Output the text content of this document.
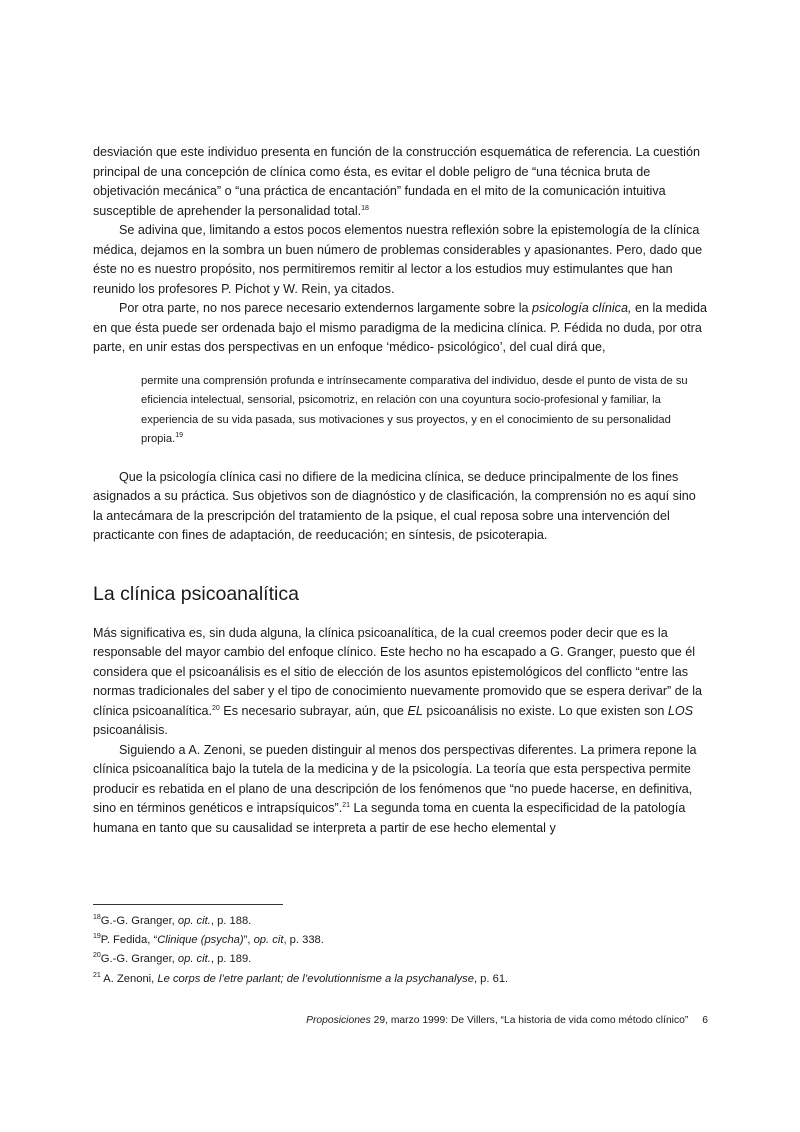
desviación que este individuo presenta en función de la construcción esquemática de referencia. La cuestión principal de una concepción de clínica como ésta, es evitar el doble peligro de “una técnica bruta de objetivación mecánica” o “una práctica de encantación” fundada en el mito de la comunicación intuitiva susceptible de aprehender la personalidad total.$^{18}$

Se adivina que, limitando a estos pocos elementos nuestra reflexión sobre la epistemología de la clínica médica, dejamos en la sombra un buen número de problemas considerables y apasionantes. Pero, dado que éste no es nuestro propósito, nos permitiremos remitir al lector a los estudios muy estimulantes que han reunido los profesores P. Pichot y W. Rein, ya citados.

Por otra parte, no nos parece necesario extendernos largamente sobre la psicología clínica, en la medida en que ésta puede ser ordenada bajo el mismo paradigma de la medicina clínica. P. Fédida no duda, por otra parte, en unir estas dos perspectivas en un enfoque ‘médico- psicológico’, del cual dirá que,

permite una comprensión profunda e intrínsecamente comparativa del individuo, desde el punto de vista de su eficiencia intelectual, sensorial, psicomotriz, en relación con una coyuntura socio-profesional y familiar, la experiencia de su vida pasada, sus motivaciones y sus proyectos, y en el conocimiento de su personalidad propia.$^{19}$

Que la psicología clínica casi no difiere de la medicina clínica, se deduce principalmente de los fines asignados a su práctica. Sus objetivos son de diagnóstico y de clasificación, la comprensión no es aquí sino la antecámara de la prescripción del tratamiento de la psique, el cual reposa sobre una intervención del practicante con fines de adaptación, de reeducación; en síntesis, de psicoterapia.

La clínica psicoanalítica

Más significativa es, sin duda alguna, la clínica psicoanalítica, de la cual creemos poder decir que es la responsable del mayor cambio del enfoque clínico. Este hecho no ha escapado a G. Granger, puesto que él considera que el psicoanálisis es el sitio de elección de los asuntos epistemológicos del conflicto “entre las normas tradicionales del saber y el tipo de conocimiento nuevamente promovido que se espera derivar” de la clínica psicoanalítica.$^{20}$ Es necesario subrayar, aún, que EL psicoanálisis no existe. Lo que existen son LOS psicoanálisis.

Siguiendo a A. Zenoni, se pueden distinguir al menos dos perspectivas diferentes. La primera repone la clínica psicoanalítica bajo la tutela de la medicina y de la psicología. La teoría que esta perspectiva permite producir es rebatida en el plano de una descripción de los fenómenos que “no puede hacerse, en definitiva, sino en términos genéticos e intrapsíquicos”.$^{21}$ La segunda toma en cuenta la especificidad de la patología humana en tanto que su causalidad se interpreta a partir de ese hecho elemental y

$^{18}$G.-G. Granger, op. cit., p. 188.

$^{19}$P. Fedida, “Clinique (psycha)”, op. cit, p. 338.

$^{20}$G.-G. Granger, op. cit., p. 189.

$^{21}$ A. Zenoni, Le corps de l’etre parlant; de l’evolutionnisme a la psychanalyse, p. 61.

Proposiciones 29, marzo 1999: De Villers, “La historia de vida como método clínico” 6
